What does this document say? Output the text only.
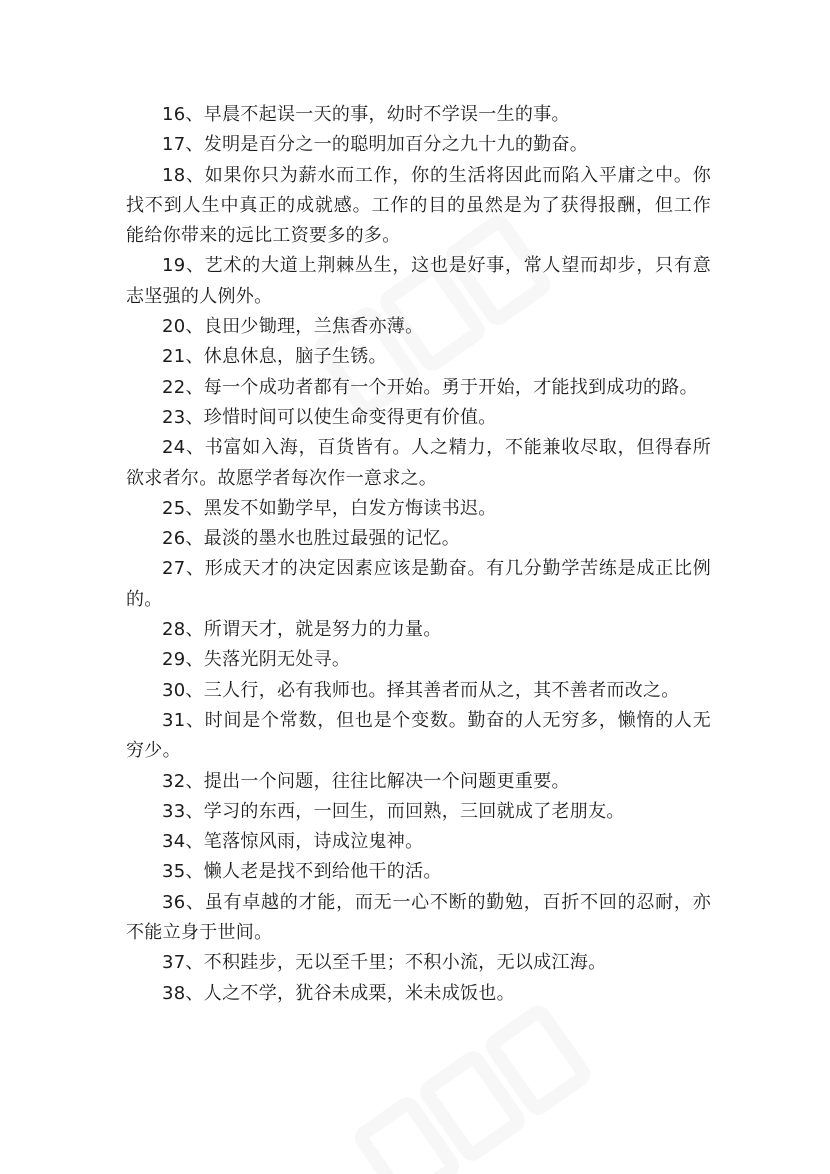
16、早晨不起误一天的事，幼时不学误一生的事。

17、发明是百分之一的聪明加百分之九十九的勤奋。

18、如果你只为薪水而工作，你的生活将因此而陷入平庸之中。你找不到人生中真正的成就感。工作的目的虽然是为了获得报酬，但工作能给你带来的远比工资要多的多。

19、艺术的大道上荆棘丛生，这也是好事，常人望而却步，只有意志坚强的人例外。

20、良田少锄理，兰焦香亦薄。

21、休息休息，脑子生锈。

22、每一个成功者都有一个开始。勇于开始，才能找到成功的路。

23、珍惜时间可以使生命变得更有价值。

24、书富如入海，百货皆有。人之精力，不能兼收尽取，但得春所欲求者尔。故愿学者每次作一意求之。

25、黑发不如勤学早，白发方悔读书迟。

26、最淡的墨水也胜过最强的记忆。

27、形成天才的决定因素应该是勤奋。有几分勤学苦练是成正比例的。

28、所谓天才，就是努力的力量。

29、失落光阴无处寻。

30、三人行，必有我师也。择其善者而从之，其不善者而改之。

31、时间是个常数，但也是个变数。勤奋的人无穷多，懒惰的人无穷少。

32、提出一个问题，往往比解决一个问题更重要。

33、学习的东西，一回生，而回熟，三回就成了老朋友。

34、笔落惊风雨，诗成泣鬼神。

35、懒人老是找不到给他干的活。

36、虽有卓越的才能，而无一心不断的勤勉，百折不回的忍耐，亦不能立身于世间。

37、不积跬步，无以至千里；不积小流，无以成江海。

38、人之不学，犹谷未成栗，米未成饭也。
